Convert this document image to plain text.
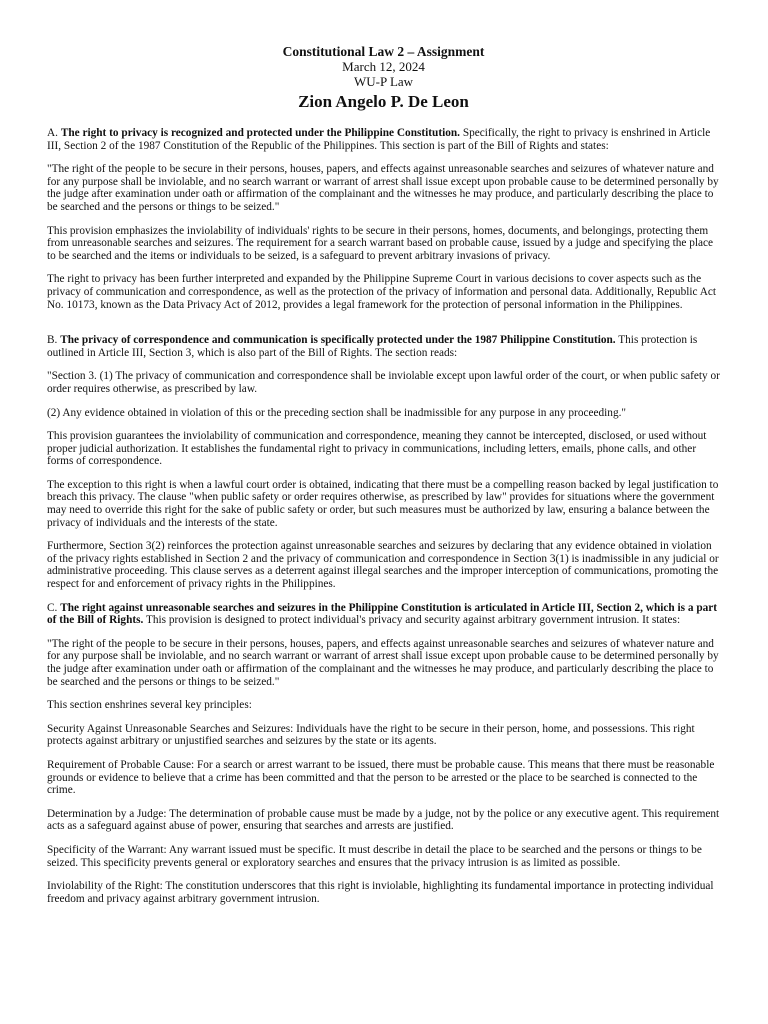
Constitutional Law 2 – Assignment
March 12, 2024
WU-P Law
Zion Angelo P. De Leon

A. The right to privacy is recognized and protected under the Philippine Constitution. Specifically, the right to privacy is enshrined in Article III, Section 2 of the 1987 Constitution of the Republic of the Philippines. This section is part of the Bill of Rights and states:

"The right of the people to be secure in their persons, houses, papers, and effects against unreasonable searches and seizures of whatever nature and for any purpose shall be inviolable, and no search warrant or warrant of arrest shall issue except upon probable cause to be determined personally by the judge after examination under oath or affirmation of the complainant and the witnesses he may produce, and particularly describing the place to be searched and the persons or things to be seized."

This provision emphasizes the inviolability of individuals' rights to be secure in their persons, homes, documents, and belongings, protecting them from unreasonable searches and seizures. The requirement for a search warrant based on probable cause, issued by a judge and specifying the place to be searched and the items or individuals to be seized, is a safeguard to prevent arbitrary invasions of privacy.

The right to privacy has been further interpreted and expanded by the Philippine Supreme Court in various decisions to cover aspects such as the privacy of communication and correspondence, as well as the protection of the privacy of information and personal data. Additionally, Republic Act No. 10173, known as the Data Privacy Act of 2012, provides a legal framework for the protection of personal information in the Philippines.

B. The privacy of correspondence and communication is specifically protected under the 1987 Philippine Constitution. This protection is outlined in Article III, Section 3, which is also part of the Bill of Rights. The section reads:

"Section 3. (1) The privacy of communication and correspondence shall be inviolable except upon lawful order of the court, or when public safety or order requires otherwise, as prescribed by law.

(2) Any evidence obtained in violation of this or the preceding section shall be inadmissible for any purpose in any proceeding."

This provision guarantees the inviolability of communication and correspondence, meaning they cannot be intercepted, disclosed, or used without proper judicial authorization. It establishes the fundamental right to privacy in communications, including letters, emails, phone calls, and other forms of correspondence.

The exception to this right is when a lawful court order is obtained, indicating that there must be a compelling reason backed by legal justification to breach this privacy. The clause "when public safety or order requires otherwise, as prescribed by law" provides for situations where the government may need to override this right for the sake of public safety or order, but such measures must be authorized by law, ensuring a balance between the privacy of individuals and the interests of the state.

Furthermore, Section 3(2) reinforces the protection against unreasonable searches and seizures by declaring that any evidence obtained in violation of the privacy rights established in Section 2 and the privacy of communication and correspondence in Section 3(1) is inadmissible in any judicial or administrative proceeding. This clause serves as a deterrent against illegal searches and the improper interception of communications, promoting the respect for and enforcement of privacy rights in the Philippines.

C. The right against unreasonable searches and seizures in the Philippine Constitution is articulated in Article III, Section 2, which is a part of the Bill of Rights. This provision is designed to protect individual's privacy and security against arbitrary government intrusion. It states:

"The right of the people to be secure in their persons, houses, papers, and effects against unreasonable searches and seizures of whatever nature and for any purpose shall be inviolable, and no search warrant or warrant of arrest shall issue except upon probable cause to be determined personally by the judge after examination under oath or affirmation of the complainant and the witnesses he may produce, and particularly describing the place to be searched and the persons or things to be seized."

This section enshrines several key principles:

Security Against Unreasonable Searches and Seizures: Individuals have the right to be secure in their person, home, and possessions. This right protects against arbitrary or unjustified searches and seizures by the state or its agents.

Requirement of Probable Cause: For a search or arrest warrant to be issued, there must be probable cause. This means that there must be reasonable grounds or evidence to believe that a crime has been committed and that the person to be arrested or the place to be searched is connected to the crime.

Determination by a Judge: The determination of probable cause must be made by a judge, not by the police or any executive agent. This requirement acts as a safeguard against abuse of power, ensuring that searches and arrests are justified.

Specificity of the Warrant: Any warrant issued must be specific. It must describe in detail the place to be searched and the persons or things to be seized. This specificity prevents general or exploratory searches and ensures that the privacy intrusion is as limited as possible.

Inviolability of the Right: The constitution underscores that this right is inviolable, highlighting its fundamental importance in protecting individual freedom and privacy against arbitrary government intrusion.
